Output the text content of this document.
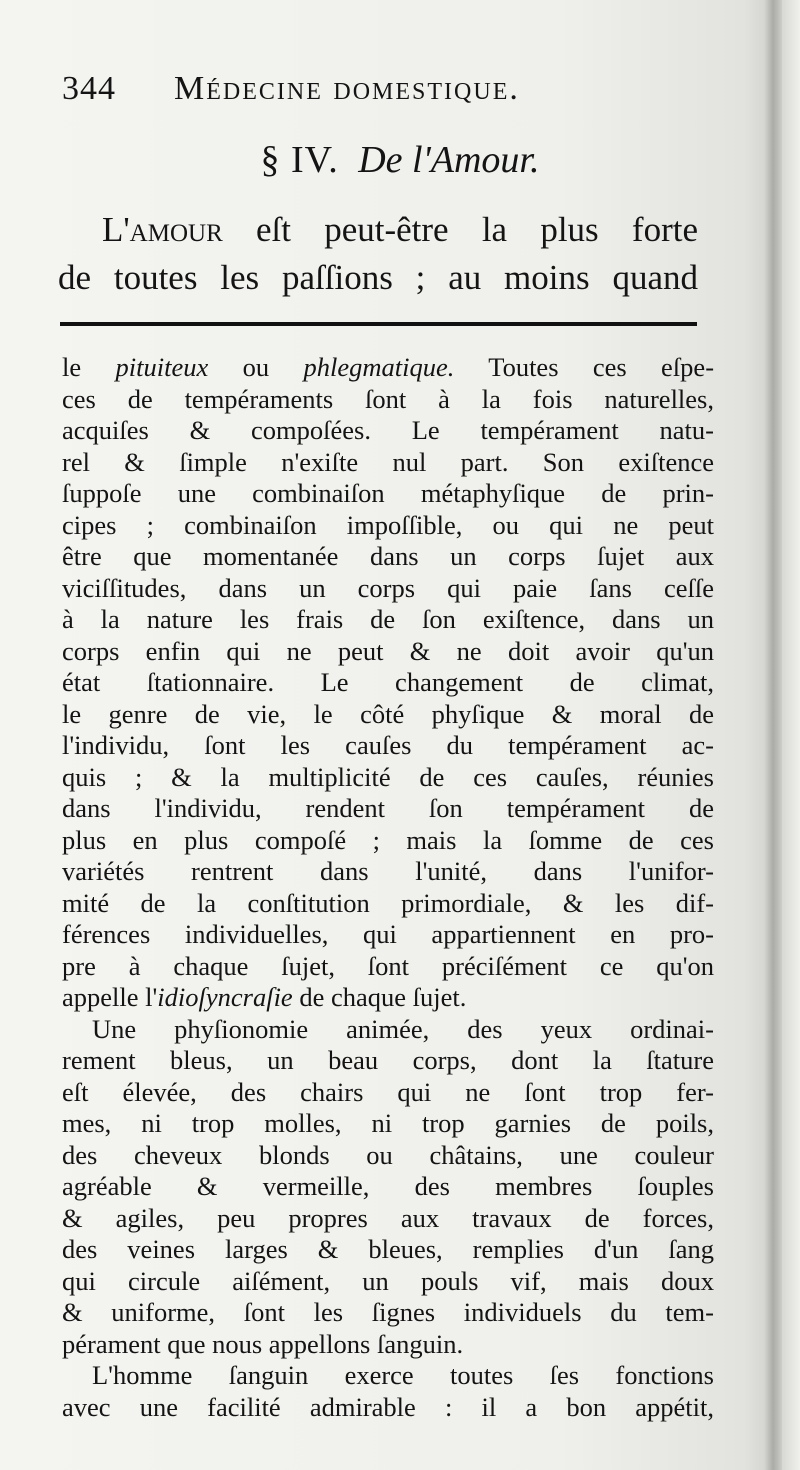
344 Médecine domestique.
§ IV. De l'Amour.
L'amour eſt peut-être la plus forte
de toutes les paſſions ; au moins quand
le pituiteux ou phlegmatique. Toutes ces eſpe-
ces de tempéraments ſont à la fois naturelles,
acquiſes & compoſées. Le tempérament natu-
rel & ſimple n'exiſte nul part. Son exiſtence
ſuppoſe une combinaiſon métaphyſique de prin-
cipes ; combinaiſon impoſſible, ou qui ne peut
être que momentanée dans un corps ſujet aux
viciſſitudes, dans un corps qui paie ſans ceſſe
à la nature les frais de ſon exiſtence, dans un
corps enfin qui ne peut & ne doit avoir qu'un
état ſtationnaire. Le changement de climat,
le genre de vie, le côté phyſique & moral de
l'individu, ſont les cauſes du tempérament ac-
quis ; & la multiplicité de ces cauſes, réunies
dans l'individu, rendent ſon tempérament de
plus en plus compoſé ; mais la ſomme de ces
variétés rentrent dans l'unité, dans l'unifor-
mité de la conſtitution primordiale, & les dif-
férences individuelles, qui appartiennent en pro-
pre à chaque ſujet, ſont préciſément ce qu'on
appelle l'idioſyncraſie de chaque ſujet.
Une phyſionomie animée, des yeux ordinai-
rement bleus, un beau corps, dont la ſtature
eſt élevée, des chairs qui ne ſont trop fer-
mes, ni trop molles, ni trop garnies de poils,
des cheveux blonds ou châtains, une couleur
agréable & vermeille, des membres ſouples
& agiles, peu propres aux travaux de forces,
des veines larges & bleues, remplies d'un ſang
qui circule aiſément, un pouls vif, mais doux
& uniforme, ſont les ſignes individuels du tem-
pérament que nous appellons ſanguin.
L'homme ſanguin exerce toutes ſes fonctions
avec une facilité admirable : il a bon appétit,
